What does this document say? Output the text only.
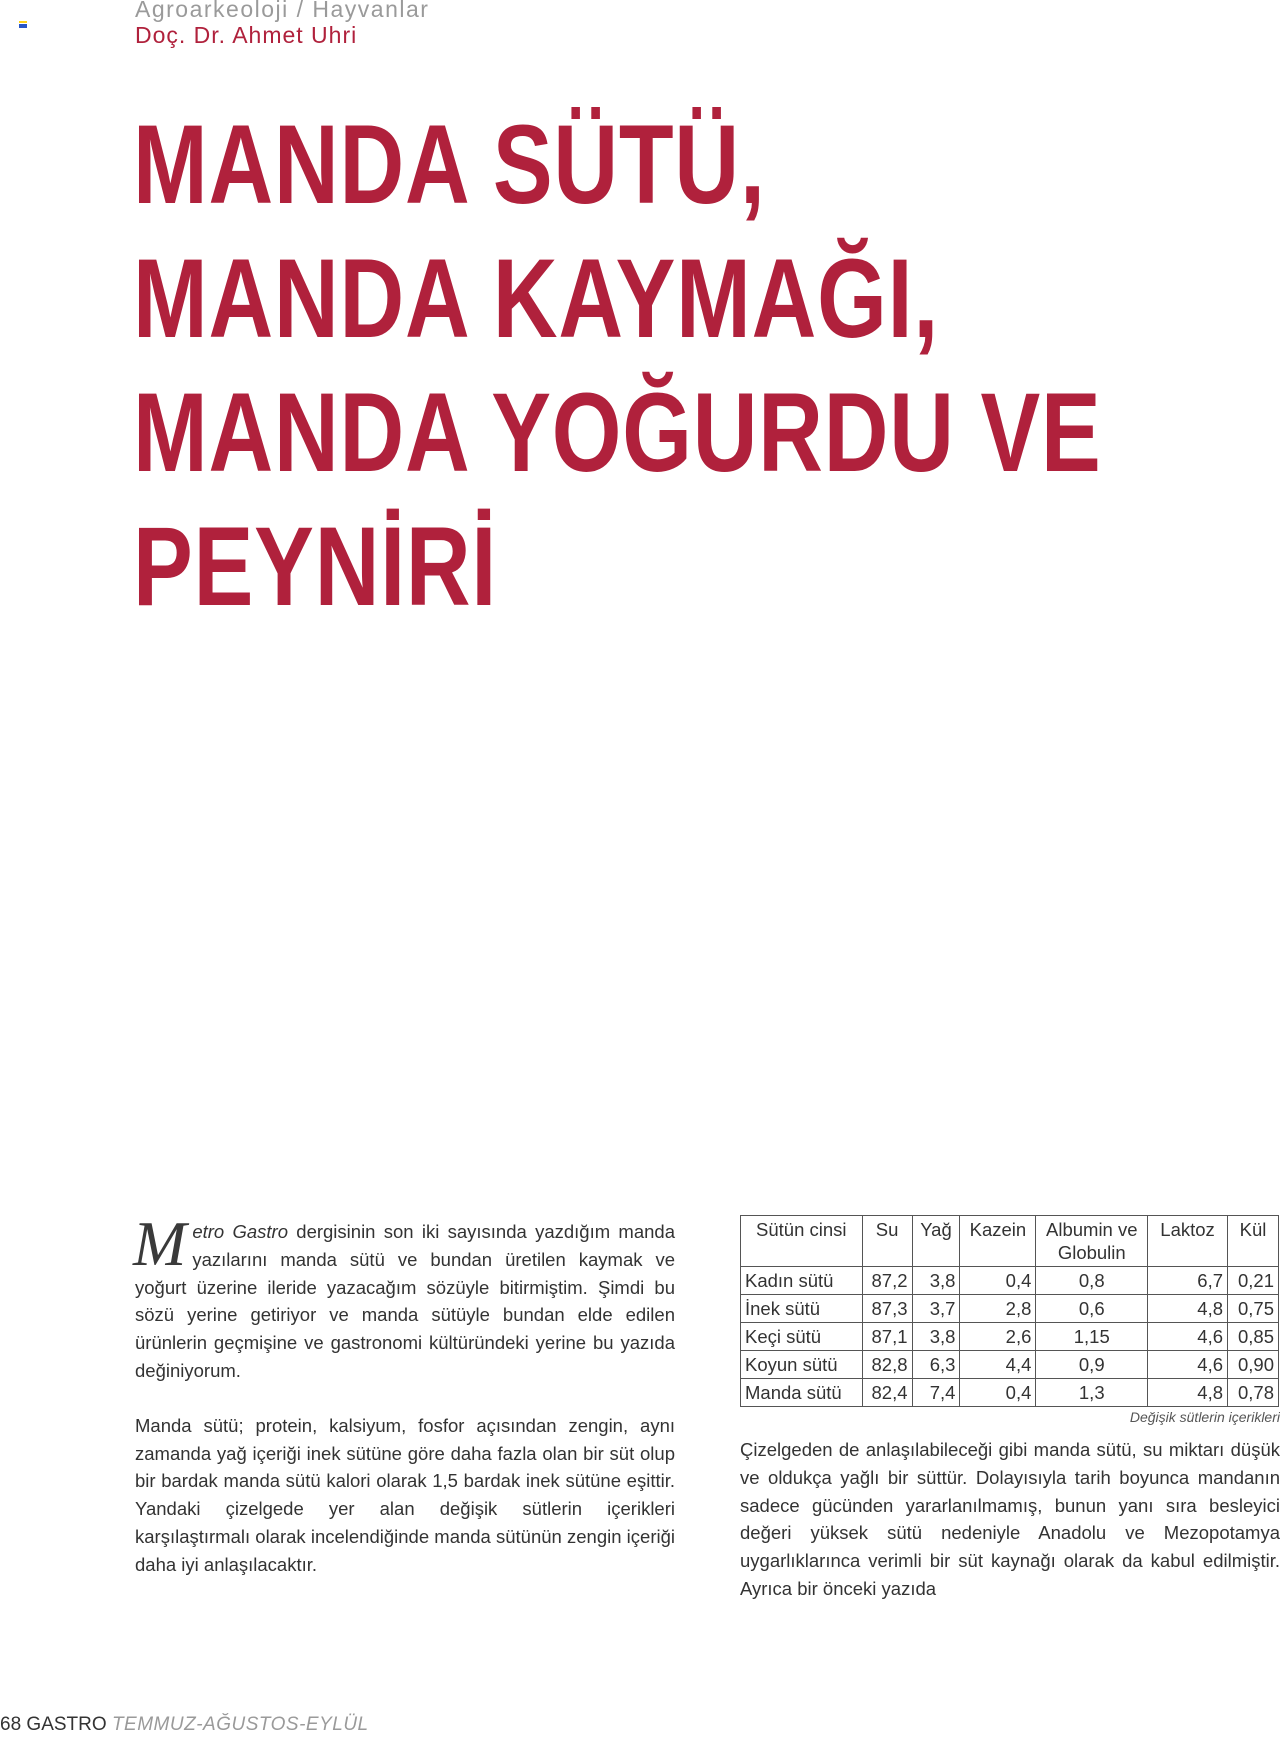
Agroarkeoloji / Hayvanlar
Doç. Dr. Ahmet Uhri
MANDA SÜTÜ,
MANDA KAYMAĞI,
MANDA YOĞURDU VE
PEYNİRİ

Metro Gastro dergisinin son iki sayısında yazdığım manda yazılarını manda sütü ve bundan üretilen kaymak ve yoğurt üzerine ileride yazacağım sözüyle bitirmiştim. Şimdi bu sözü yerine getiriyor ve manda sütüyle bundan elde edilen ürünlerin geçmişine ve gastronomi kültüründeki yerine bu yazıda değiniyorum.

Manda sütü; protein, kalsiyum, fosfor açısından zengin, aynı zamanda yağ içeriği inek sütüne göre daha fazla olan bir süt olup bir bardak manda sütü kalori olarak 1,5 bardak inek sütüne eşittir. Yandaki çizelgede yer alan değişik sütlerin içerikleri karşılaştırmalı olarak incelendiğinde manda sütünün zengin içeriği daha iyi anlaşılacaktır.

Sütün cinsi	Su	Yağ	Kazein	Albumin ve Globulin	Laktoz	Kül
Kadın sütü	87,2	3,8	0,4	0,8	6,7	0,21
İnek sütü	87,3	3,7	2,8	0,6	4,8	0,75
Keçi sütü	87,1	3,8	2,6	1,15	4,6	0,85
Koyun sütü	82,8	6,3	4,4	0,9	4,6	0,90
Manda sütü	82,4	7,4	0,4	1,3	4,8	0,78
Değişik sütlerin içerikleri

Çizelgeden de anlaşılabileceği gibi manda sütü, su miktarı düşük ve oldukça yağlı bir süttür. Dolayısıyla tarih boyunca mandanın sadece gücünden yararlanılmamış, bunun yanı sıra besleyici değeri yüksek sütü nedeniyle Anadolu ve Mezopotamya uygarlıklarınca verimli bir süt kaynağı olarak da kabul edilmiştir. Ayrıca bir önceki yazıda

68 GASTRO TEMMUZ-AĞUSTOS-EYLÜL
